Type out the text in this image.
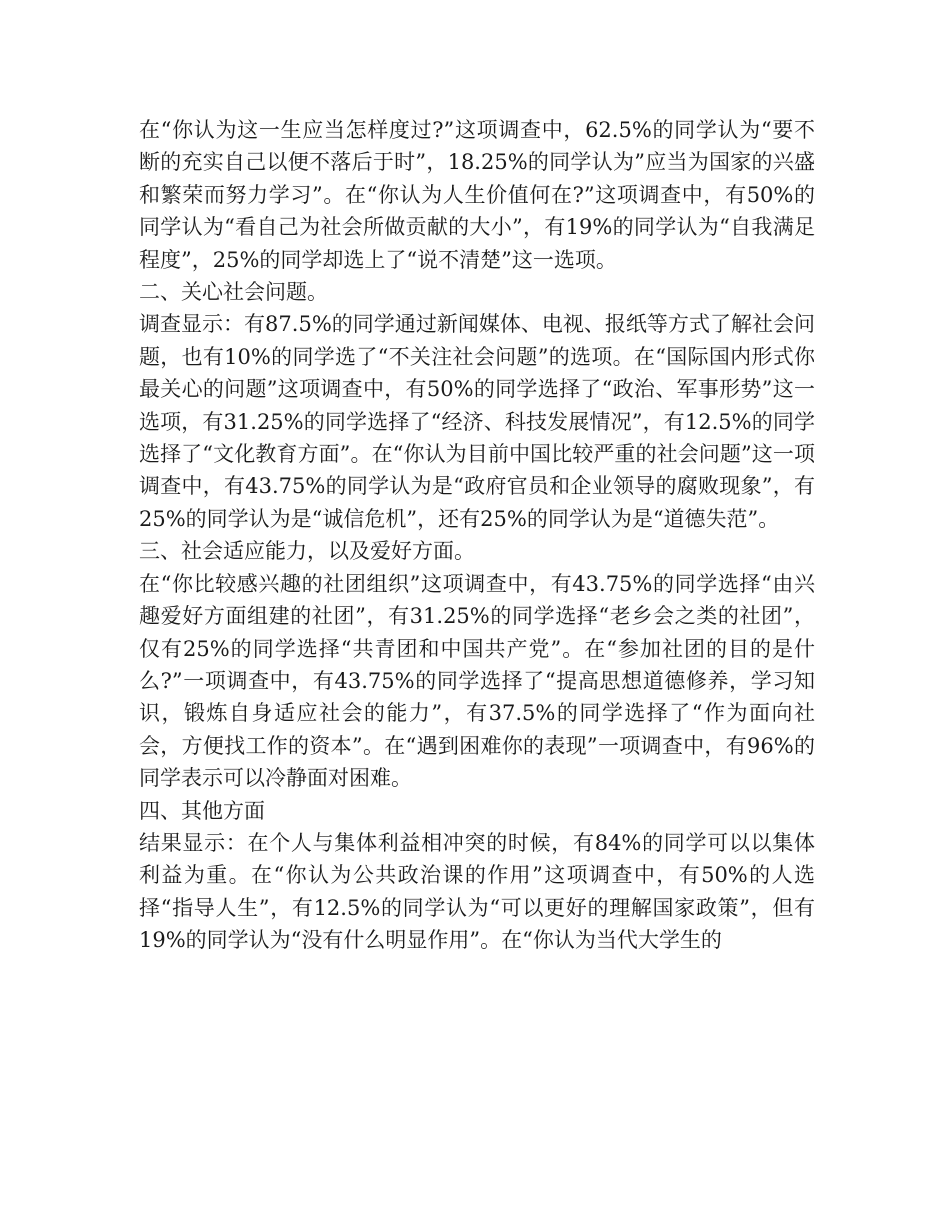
在“你认为这一生应当怎样度过?”这项调查中，62.5%的同学认为“要不断的充实自己以便不落后于时”，18.25%的同学认为”应当为国家的兴盛和繁荣而努力学习”。在“你认为人生价值何在?”这项调查中，有50%的同学认为“看自己为社会所做贡献的大小”，有19%的同学认为“自我满足程度”，25%的同学却选上了“说不清楚”这一选项。

二、关心社会问题。

调查显示：有87.5%的同学通过新闻媒体、电视、报纸等方式了解社会问题，也有10%的同学选了“不关注社会问题”的选项。在“国际国内形式你最关心的问题”这项调查中，有50%的同学选择了“政治、军事形势”这一选项，有31.25%的同学选择了“经济、科技发展情况”，有12.5%的同学选择了“文化教育方面”。在“你认为目前中国比较严重的社会问题”这一项调查中，有43.75%的同学认为是“政府官员和企业领导的腐败现象”，有25%的同学认为是“诚信危机”，还有25%的同学认为是“道德失范”。

三、社会适应能力，以及爱好方面。

在“你比较感兴趣的社团组织”这项调查中，有43.75%的同学选择“由兴趣爱好方面组建的社团”，有31.25%的同学选择“老乡会之类的社团”，仅有25%的同学选择“共青团和中国共产党”。在“参加社团的目的是什么?”一项调查中，有43.75%的同学选择了“提高思想道德修养，学习知识，锻炼自身适应社会的能力”，有37.5%的同学选择了“作为面向社会，方便找工作的资本”。在“遇到困难你的表现”一项调查中，有96%的同学表示可以冷静面对困难。

四、其他方面

结果显示：在个人与集体利益相冲突的时候，有84%的同学可以以集体利益为重。在“你认为公共政治课的作用”这项调查中，有50%的人选择“指导人生”，有12.5%的同学认为“可以更好的理解国家政策”，但有19%的同学认为“没有什么明显作用”。在“你认为当代大学生的
